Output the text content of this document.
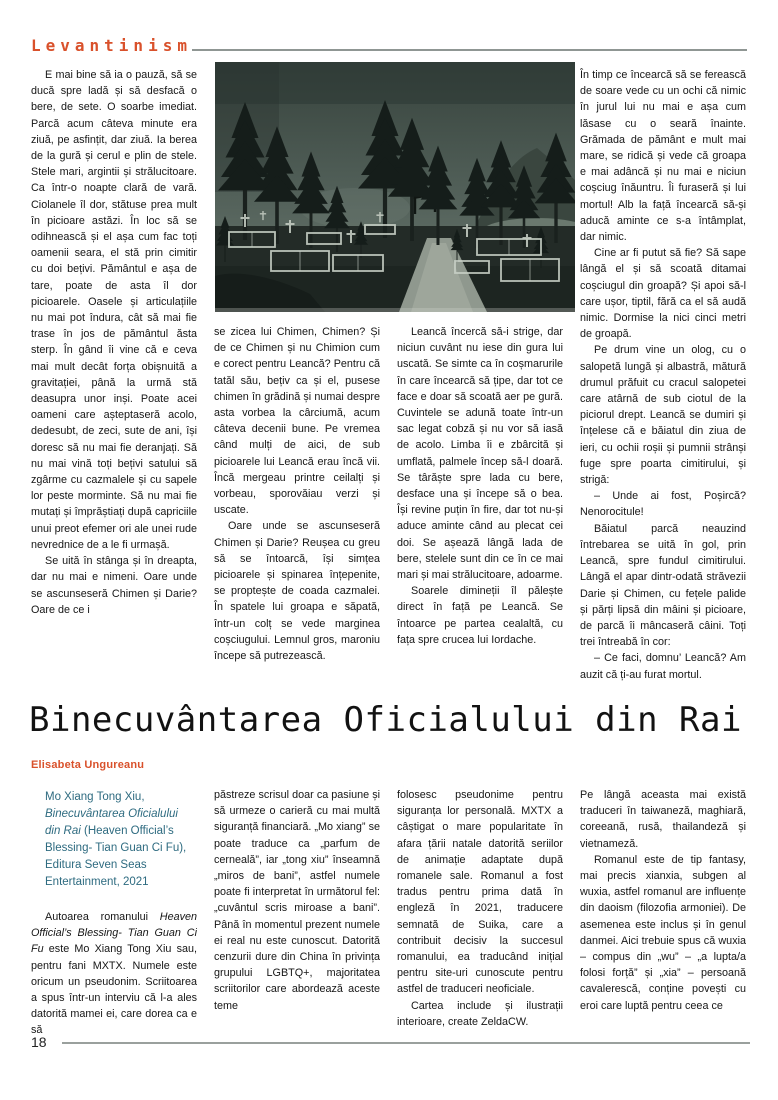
Levantinism

E mai bine să ia o pauză, să se ducă spre ladă și să desfacă o bere, de sete. O soarbe imediat. Parcă acum câteva minute era ziuă, pe asfințit, dar ziuă. Ia berea de la gură și cerul e plin de stele. Stele mari, argintii și strălucitoare. Ca într-o noapte clară de vară. Ciolanele îl dor, stătuse prea mult în picioare astăzi. În loc să se odihnească și el așa cum fac toți oamenii seara, el stă prin cimitir cu doi bețivi. Pământul e așa de tare, poate de asta îl dor picioarele. Oasele și articulațiile nu mai pot îndura, cât să mai fie trase în jos de pământul ăsta sterp. În gând îi vine că e ceva mai mult decât forța obișnuită a gravitației, până la urmă stă deasupra unor inși. Poate acei oameni care așteptaseră acolo, dedesubt, de zeci, sute de ani, își doresc să nu mai fie deranjați. Să nu mai vină toți bețivi satului să zgârme cu cazmalele și cu sapele lor peste morminte. Să nu mai fie mutați și împrăștiați după capriciile unui preot efemer ori ale unei rude nevrednice de a le fi urmașă.

Se uită în stânga și în dreapta, dar nu mai e nimeni. Oare unde se ascunseseră Chimen și Darie? Oare de ce i

se zicea lui Chimen, Chimen? Și de ce Chimen și nu Chimion cum e corect pentru Leancă? Pentru că tatăl său, bețiv ca și el, pusese chimen în grădină și numai despre asta vorbea la cârciumă, acum câteva decenii bune. Pe vremea când mulți de aici, de sub picioarele lui Leancă erau încă vii. Încă mergeau printre ceilalți și vorbeau, sporovăiau verzi și uscate.

Oare unde se ascunseseră Chimen și Darie? Reușea cu greu să se întoarcă, își simțea picioarele și spinarea înțepenite, se proptește de coada cazmalei. În spatele lui groapa e săpată, într-un colț se vede marginea coșciugului. Lemnul gros, maroniu începe să putrezească.

Leancă încercă să-i strige, dar niciun cuvânt nu iese din gura lui uscată. Se simte ca în coșmarurile în care încearcă să țipe, dar tot ce face e doar să scoată aer pe gură. Cuvintele se adună toate într-un sac legat cobză și nu vor să iasă de acolo. Limba îi e zbârcită și umflată, palmele încep să-l doară. Se târăște spre lada cu bere, desface una și începe să o bea. Își revine puțin în fire, dar tot nu-și aduce aminte când au plecat cei doi. Se așează lângă lada de bere, stelele sunt din ce în ce mai mari și mai strălucitoare, adoarme.

Soarele dimineții îl pălește direct în față pe Leancă. Se întoarce pe partea cealaltă, cu fața spre crucea lui Iordache.

În timp ce încearcă să se ferească de soare vede cu un ochi că nimic în jurul lui nu mai e așa cum lăsase cu o seară înainte. Grămada de pământ e mult mai mare, se ridică și vede că groapa e mai adâncă și nu mai e niciun coșciug înăuntru. Îi furaseră și lui mortul! Alb la față încearcă să-și aducă aminte ce s-a întâmplat, dar nimic.

Cine ar fi putut să fie? Să sape lângă el și să scoată ditamai coșciugul din groapă? Și apoi să-l care ușor, tiptil, fără ca el să audă nimic. Dormise la nici cinci metri de groapă.

Pe drum vine un olog, cu o salopetă lungă și albastră, mătură drumul prăfuit cu cracul salopetei care atârnă de sub ciotul de la piciorul drept. Leancă se dumiri și înțelese că e băiatul din ziua de ieri, cu ochii roșii și pumnii strânși fuge spre poarta cimitirului, și strigă:

– Unde ai fost, Poșircă? Nenorocitule!

Băiatul parcă neauzind întrebarea se uită în gol, prin Leancă, spre fundul cimitirului. Lângă el apar dintr-odată străvezii Darie și Chimen, cu fețele palide și părți lipsă din mâini și picioare, de parcă îi mâncaseră câini. Toți trei întreabă în cor:

– Ce faci, domnu’ Leancă? Am auzit că ți-au furat mortul.

Binecuvântarea Oficialului din Rai
Elisabeta Ungureanu
Mo Xiang Tong Xiu, Binecuvântarea Oficialului din Rai (Heaven Official’s Blessing- Tian Guan Ci Fu), Editura Seven Seas Entertainment, 2021

Autoarea romanului Heaven Official’s Blessing- Tian Guan Ci Fu este Mo Xiang Tong Xiu sau, pentru fani MXTX. Numele este oricum un pseudonim. Scriitoarea a spus într-un interviu că l-a ales datorită mamei ei, care dorea ca e să

păstreze scrisul doar ca pasiune și să urmeze o carieră cu mai multă siguranță financiară. „Mo xiang” se poate traduce ca „parfum de cerneală”, iar „tong xiu” înseamnă „miros de bani”, astfel numele poate fi interpretat în următorul fel: „cuvântul scris miroase a bani”. Până în momentul prezent numele ei real nu este cunoscut. Datorită cenzurii dure din China în privința grupului LGBTQ+, majoritatea scriitorilor care abordează aceste teme

folosesc pseudonime pentru siguranța lor personală. MXTX a câștigat o mare popularitate în afara țării natale datorită seriilor de animație adaptate după romanele sale. Romanul a fost tradus pentru prima dată în engleză în 2021, traducere semnată de Suika, care a contribuit decisiv la succesul romanului, ea traducând inițial pentru site-uri cunoscute pentru astfel de traduceri neoficiale.

Cartea include și ilustrații interioare, create ZeldaCW.

Pe lângă aceasta mai există traduceri în taiwaneză, maghiară, coreeană, rusă, thailandeză și vietnameză.

Romanul este de tip fantasy, mai precis xianxia, subgen al wuxia, astfel romanul are influențe din daoism (filozofia armoniei). De asemenea este inclus și în genul danmei. Aici trebuie spus că wuxia – compus din „wu” – „a lupta/a folosi forță” și „xia” – persoană cavalerescă, conține povești cu eroi care luptă pentru ceea ce

18
